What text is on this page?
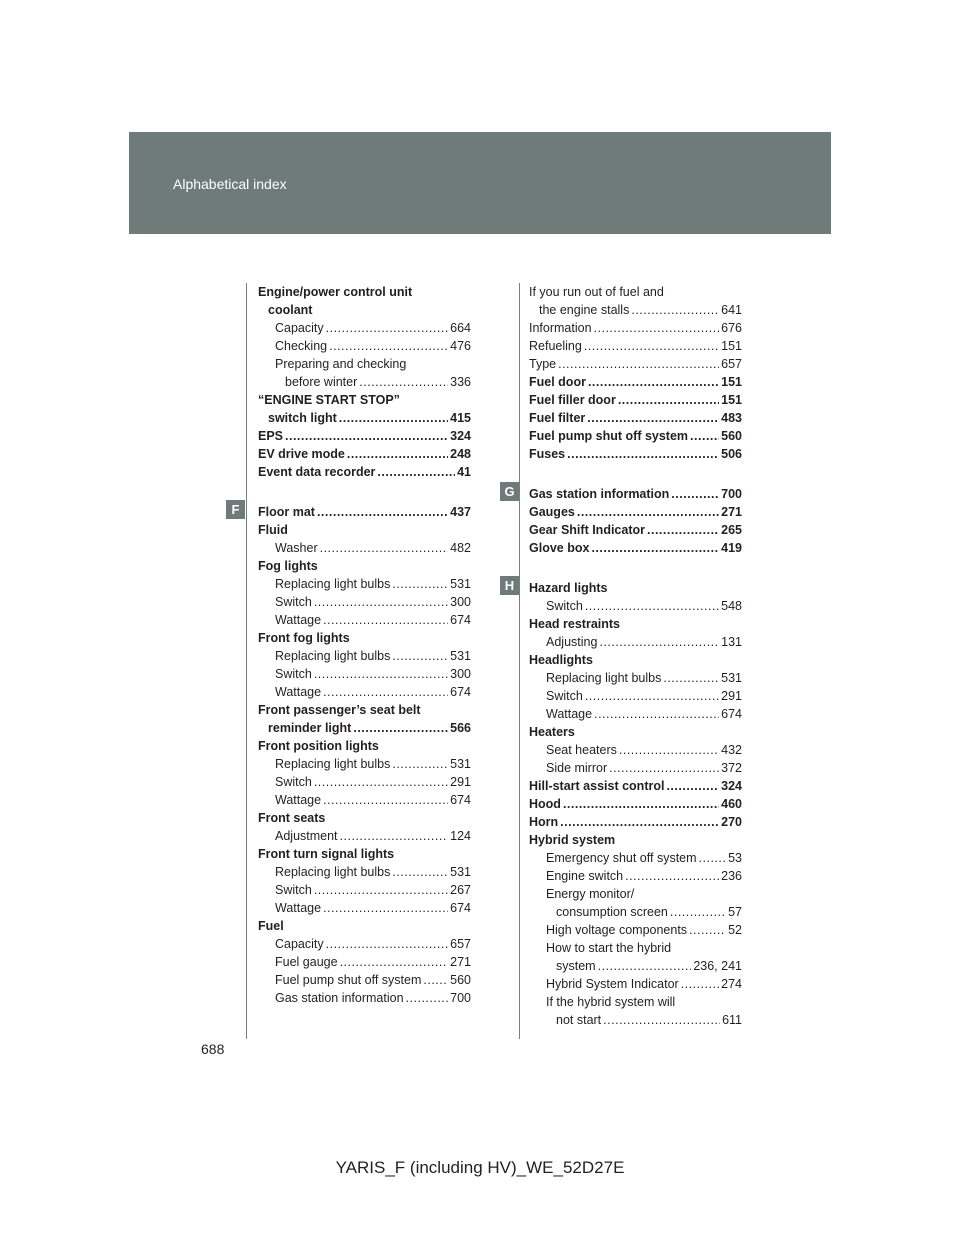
Alphabetical index
F
G
H
Engine/power control unit
coolant
Capacity .....	664
Checking .....	476
Preparing and checking
before winter .....	336
“ENGINE START STOP”
switch light .....	415
EPS .....	324
EV drive mode .....	248
Event data recorder .....	41
Floor mat .....	437
Fluid
Washer .....	482
Fog lights
Replacing light bulbs .....	531
Switch .....	300
Wattage .....	674
Front fog lights
Replacing light bulbs .....	531
Switch .....	300
Wattage .....	674
Front passenger’s seat belt
reminder light .....	566
Front position lights
Replacing light bulbs .....	531
Switch .....	291
Wattage .....	674
Front seats
Adjustment .....	124
Front turn signal lights
Replacing light bulbs .....	531
Switch .....	267
Wattage .....	674
Fuel
Capacity .....	657
Fuel gauge .....	271
Fuel pump shut off system ..... 560
Gas station information .....	700
If you run out of fuel and
the engine stalls .....	641
Information .....	676
Refueling .....	151
Type .....	657
Fuel door .....	151
Fuel filler door .....	151
Fuel filter .....	483
Fuel pump shut off system .....	560
Fuses .....	506
Gas station information .....	700
Gauges .....	271
Gear Shift Indicator .....	265
Glove box .....	419
Hazard lights
Switch .....	548
Head restraints
Adjusting .....	131
Headlights
Replacing light bulbs .....	531
Switch .....	291
Wattage .....	674
Heaters
Seat heaters .....	432
Side mirror .....	372
Hill-start assist control .....	324
Hood .....	460
Horn .....	270
Hybrid system
Emergency shut off system .....	53
Engine switch .....	236
Energy monitor/
consumption screen .....	57
High voltage components .....	52
How to start the hybrid
system .....	236, 241
Hybrid System Indicator .....	274
If the hybrid system will
not start .....	611
688
YARIS_F (including HV)_WE_52D27E
